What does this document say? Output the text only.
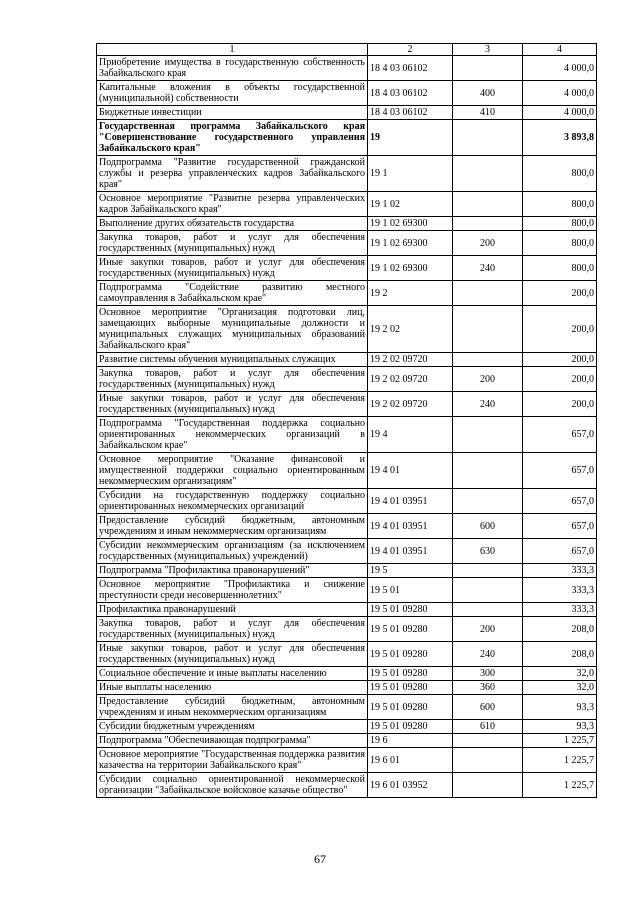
1	2	3	4
Приобретение имущества в государственную собственность Забайкальского края	18 4 03 06102		4 000,0
Капитальные вложения в объекты государственной (муниципальной) собственности	18 4 03 06102	400	4 000,0
Бюджетные инвестиции	18 4 03 06102	410	4 000,0
Государственная программа Забайкальского края "Совершенствование государственного управления Забайкальского края"	19		3 893,8
Подпрограмма "Развитие государственной гражданской службы и резерва управленческих кадров Забайкальского края"	19 1		800,0
Основное мероприятие "Развитие резерва управленческих кадров Забайкальского края"	19 1 02		800,0
Выполнение других обязательств государства	19 1 02 69300		800,0
Закупка товаров, работ и услуг для обеспечения государственных (муниципальных) нужд	19 1 02 69300	200	800,0
Иные закупки товаров, работ и услуг для обеспечения государственных (муниципальных) нужд	19 1 02 69300	240	800,0
Подпрограмма "Содействие развитию местного самоуправления в Забайкальском крае"	19 2		200,0
Основное мероприятие "Организация подготовки лиц, замещающих выборные муниципальные должности и муниципальных служащих муниципальных образований Забайкальского края"	19 2 02		200,0
Развитие системы обучения муниципальных служащих	19 2 02 09720		200,0
Закупка товаров, работ и услуг для обеспечения государственных (муниципальных) нужд	19 2 02 09720	200	200,0
Иные закупки товаров, работ и услуг для обеспечения государственных (муниципальных) нужд	19 2 02 09720	240	200,0
Подпрограмма "Государственная поддержка социально ориентированных некоммерческих организаций в Забайкальском крае"	19 4		657,0
Основное мероприятие "Оказание финансовой и имущественной поддержки социально ориентированным некоммерческим организациям"	19 4 01		657,0
Субсидии на государственную поддержку социально ориентированных некоммерческих организаций	19 4 01 03951		657,0
Предоставление субсидий бюджетным, автономным учреждениям и иным некоммерческим организациям	19 4 01 03951	600	657,0
Субсидии некоммерческим организациям (за исключением государственных (муниципальных) учреждений)	19 4 01 03951	630	657,0
Подпрограмма "Профилактика правонарушений"	19 5		333,3
Основное мероприятие "Профилактика и снижение преступности среди несовершеннолетних"	19 5 01		333,3
Профилактика правонарушений	19 5 01 09280		333,3
Закупка товаров, работ и услуг для обеспечения государственных (муниципальных) нужд	19 5 01 09280	200	208,0
Иные закупки товаров, работ и услуг для обеспечения государственных (муниципальных) нужд	19 5 01 09280	240	208,0
Социальное обеспечение и иные выплаты населению	19 5 01 09280	300	32,0
Иные выплаты населению	19 5 01 09280	360	32,0
Предоставление субсидий бюджетным, автономным учреждениям и иным некоммерческим организациям	19 5 01 09280	600	93,3
Субсидии бюджетным учреждениям	19 5 01 09280	610	93,3
Подпрограмма "Обеспечивающая подпрограмма"	19 6		1 225,7
Основное мероприятие "Государственная поддержка развития казачества на территории Забайкальского края"	19 6 01		1 225,7
Субсидии социально ориентированной некоммерческой организации "Забайкальское войсковое казачье общество"	19 6 01 03952		1 225,7
67
